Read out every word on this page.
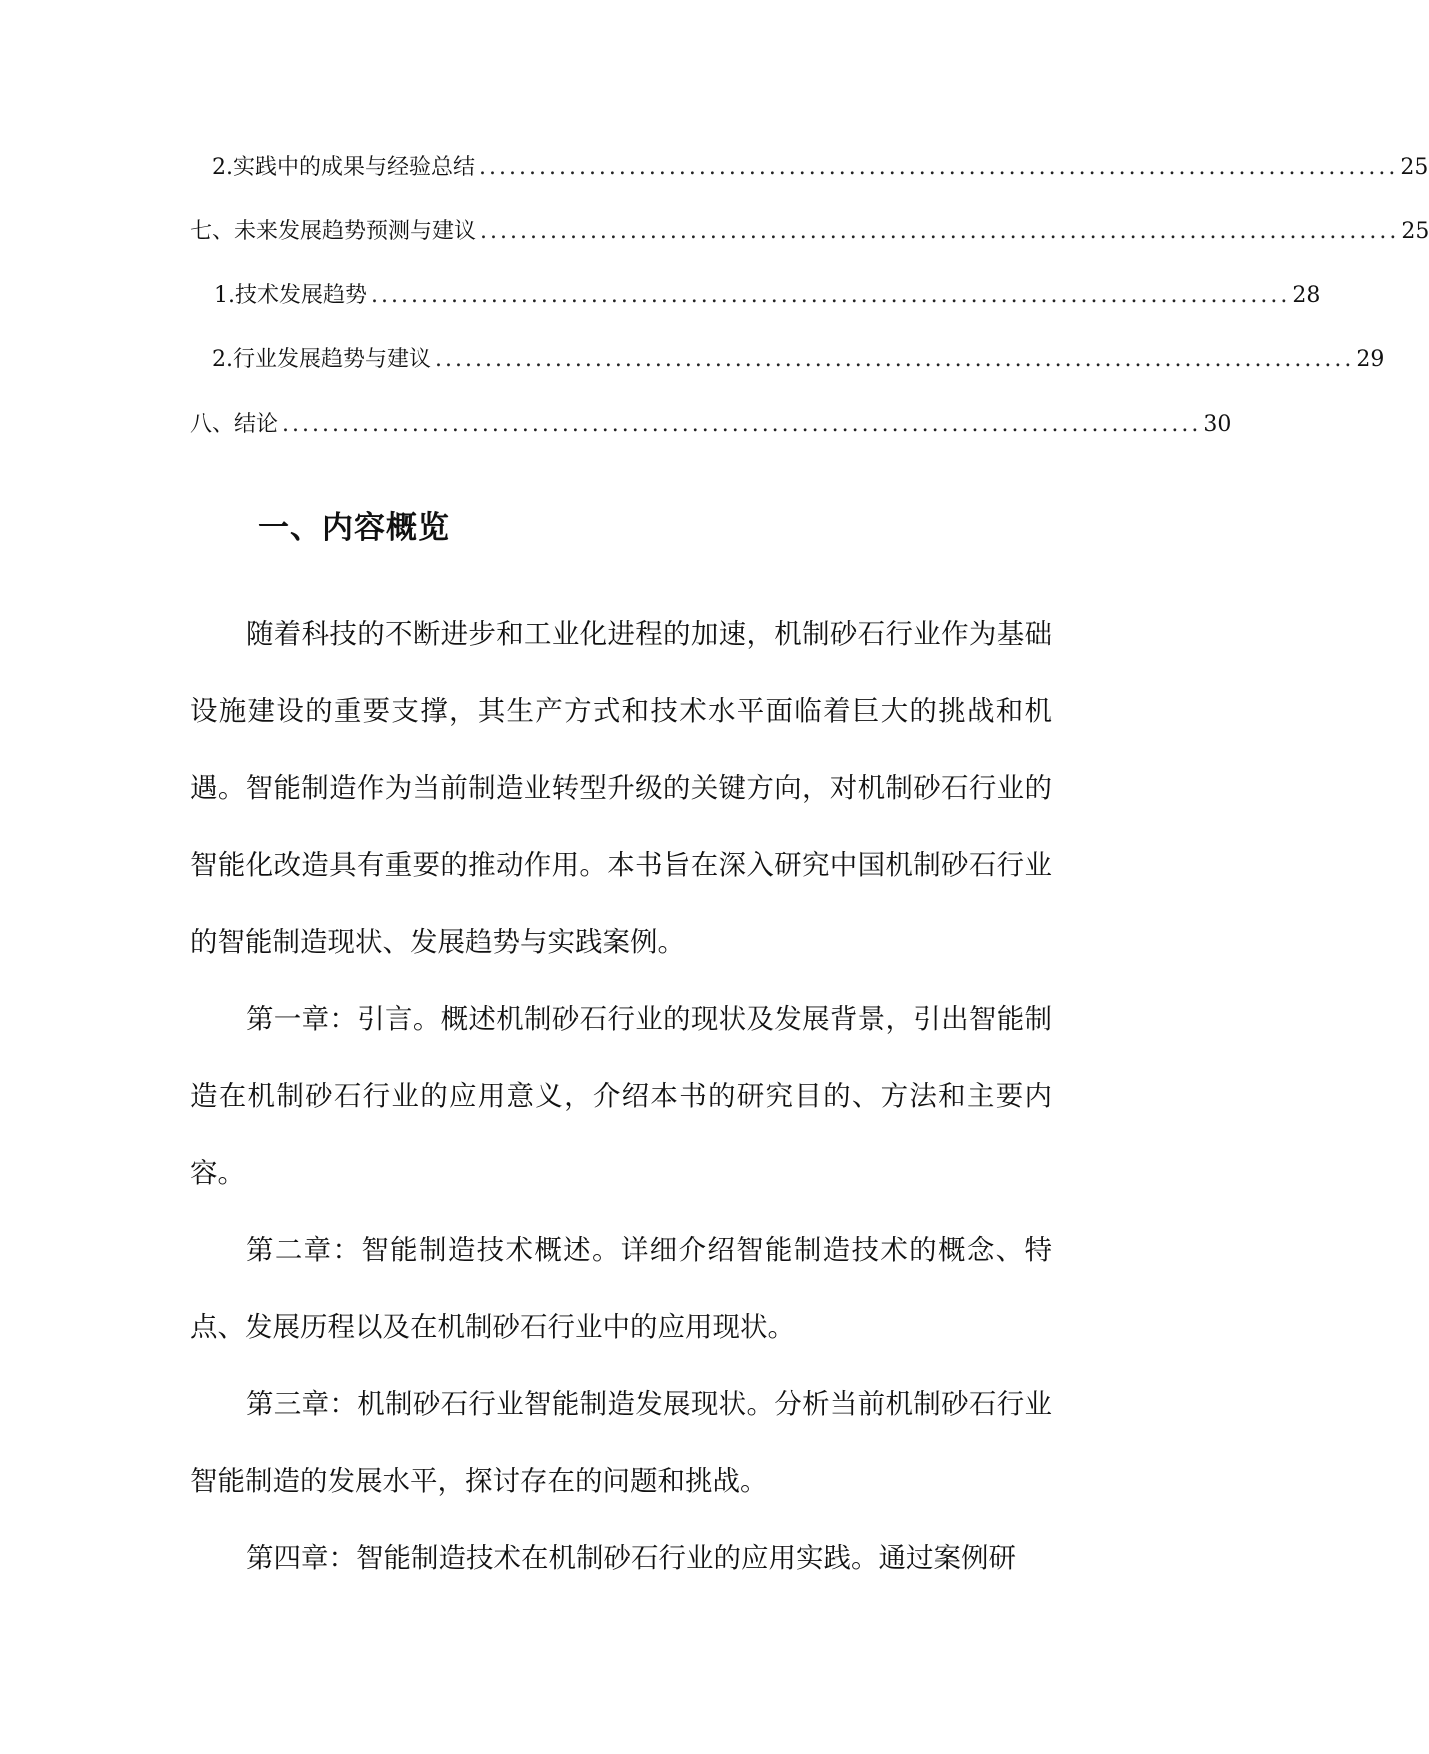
2. 实践中的成果与经验总结 ............................................................................................ 25
七、未来发展趋势预测与建议 ............................................................................................ 25
1. 技术发展趋势 ............................................................................................ 28
2. 行业发展趋势与建议 ............................................................................................ 29
八、结论 ............................................................................................ 30
一、内容概览

随着科技的不断进步和工业化进程的加速，机制砂石行业作为基础设施建设的重要支撑，其生产方式和技术水平面临着巨大的挑战和机遇。智能制造作为当前制造业转型升级的关键方向，对机制砂石行业的智能化改造具有重要的推动作用。本书旨在深入研究中国机制砂石行业的智能制造现状、发展趋势与实践案例。

第一章：引言。概述机制砂石行业的现状及发展背景，引出智能制造在机制砂石行业的应用意义，介绍本书的研究目的、方法和主要内容。

第二章：智能制造技术概述。详细介绍智能制造技术的概念、特点、发展历程以及在机制砂石行业中的应用现状。

第三章：机制砂石行业智能制造发展现状。分析当前机制砂石行业智能制造的发展水平，探讨存在的问题和挑战。

第四章：智能制造技术在机制砂石行业的应用实践。通过案例研
